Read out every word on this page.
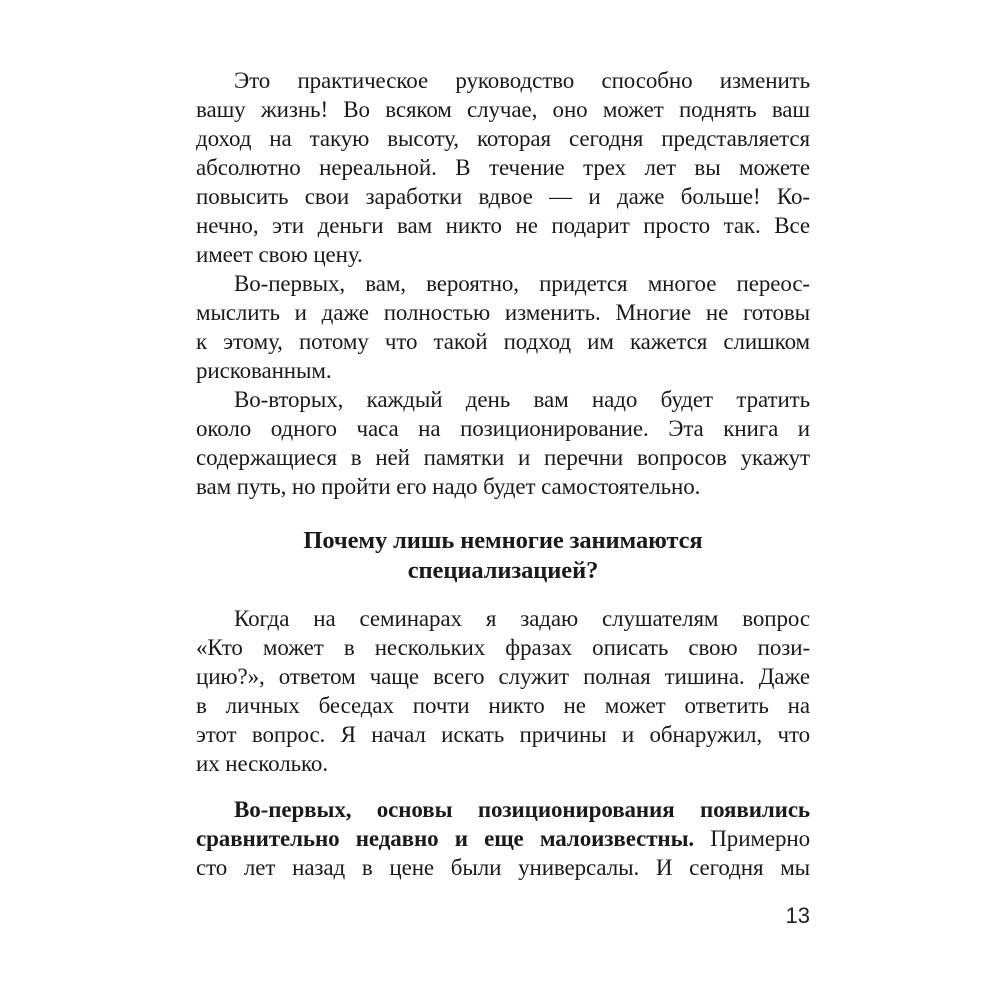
Это практическое руководство способно изменить
вашу жизнь! Во всяком случае, оно может поднять ваш
доход на такую высоту, которая сегодня представляется
абсолютно нереальной. В течение трех лет вы можете
повысить свои заработки вдвое — и даже больше! Ко-
нечно, эти деньги вам никто не подарит просто так. Все
имеет свою цену.
Во-первых, вам, вероятно, придется многое переос-
мыслить и даже полностью изменить. Многие не готовы
к этому, потому что такой подход им кажется слишком
рискованным.
Во-вторых, каждый день вам надо будет тратить
около одного часа на позиционирование. Эта книга и
содержащиеся в ней памятки и перечни вопросов укажут
вам путь, но пройти его надо будет самостоятельно.
Почему лишь немногие занимаются
специализацией?
Когда на семинарах я задаю слушателям вопрос
«Кто может в нескольких фразах описать свою пози-
цию?», ответом чаще всего служит полная тишина. Даже
в личных беседах почти никто не может ответить на
этот вопрос. Я начал искать причины и обнаружил, что
их несколько.
Во-первых, основы позиционирования появились
сравнительно недавно и еще малоизвестны. Примерно
сто лет назад в цене были универсалы. И сегодня мы
13
